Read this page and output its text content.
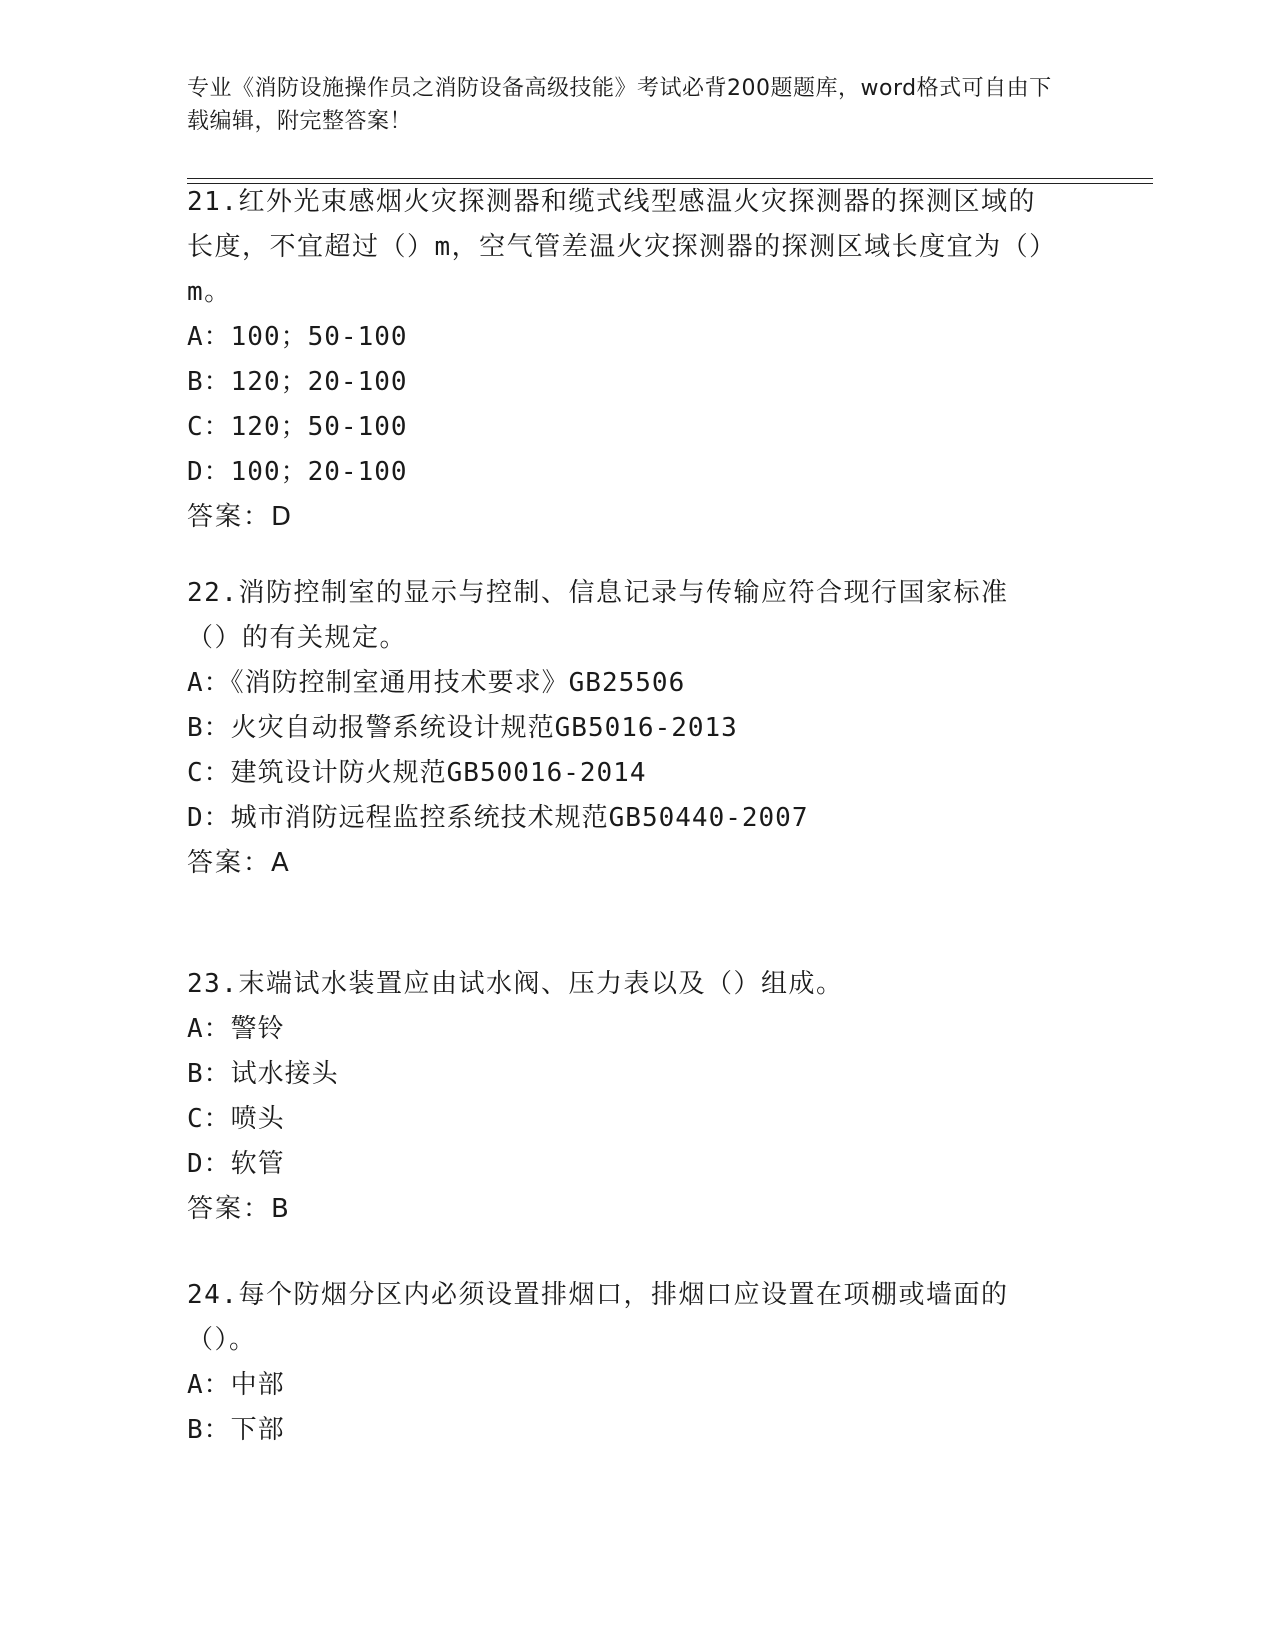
专业《消防设施操作员之消防设备高级技能》考试必背200题题库，word格式可自由下载编辑，附完整答案！
21.红外光束感烟火灾探测器和缆式线型感温火灾探测器的探测区域的长度，不宜超过（）m，空气管差温火灾探测器的探测区域长度宜为（）m。
A：100；50-100
B：120；20-100
C：120；50-100
D：100；20-100
答案：D
22.消防控制室的显示与控制、信息记录与传输应符合现行国家标准（）的有关规定。
A：《消防控制室通用技术要求》GB25506
B：火灾自动报警系统设计规范GB5016-2013
C：建筑设计防火规范GB50016-2014
D：城市消防远程监控系统技术规范GB50440-2007
答案：A
23.末端试水装置应由试水阀、压力表以及（）组成。
A：警铃
B：试水接头
C：喷头
D：软管
答案：B
24.每个防烟分区内必须设置排烟口，排烟口应设置在项棚或墙面的（）。
A：中部
B：下部
